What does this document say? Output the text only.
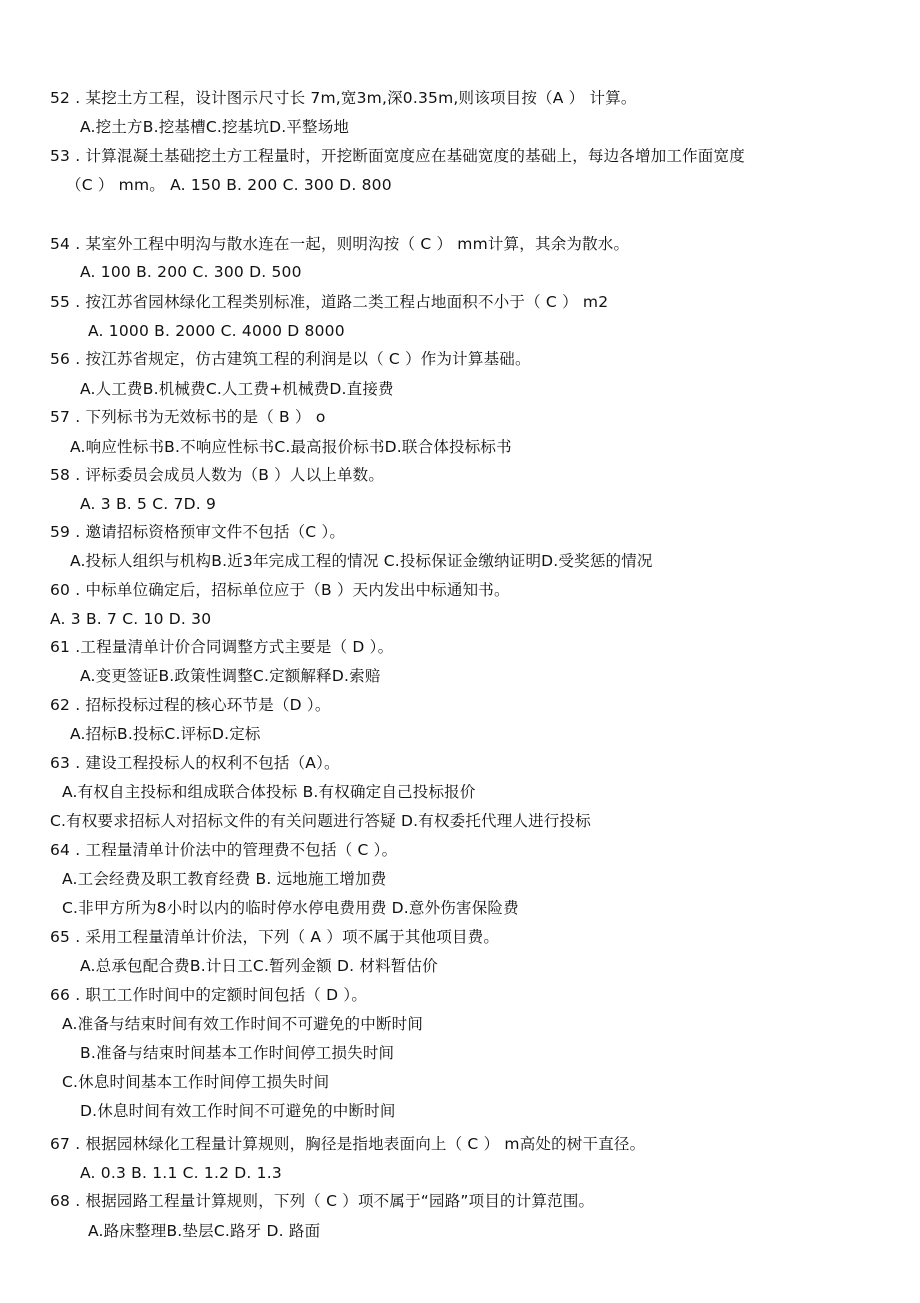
52 . 某挖土方工程，设计图示尺寸长 7m,宽3m,深0.35m,则该项目按（A ） 计算。
A.挖土方B.挖基槽C.挖基坑D.平整场地
53 . 计算混凝土基础挖土方工程量时，开挖断面宽度应在基础宽度的基础上，每边各增加工作面宽度
（C ） mm。 A. 150 B. 200 C. 300 D. 800
54 . 某室外工程中明沟与散水连在一起，则明沟按（ C ） mm计算，其余为散水。
A. 100 B. 200 C. 300 D. 500
55 . 按江苏省园林绿化工程类别标准，道路二类工程占地面积不小于（ C ） m2
A. 1000 B. 2000 C. 4000 D 8000
56 . 按江苏省规定，仿古建筑工程的利润是以（ C ）作为计算基础。
A.人工费B.机械费C.人工费+机械费D.直接费
57 . 下列标书为无效标书的是（ B ） o
A.响应性标书B.不响应性标书C.最高报价标书D.联合体投标标书
58 . 评标委员会成员人数为（B ）人以上单数。
A. 3 B. 5 C. 7D. 9
59 . 邀请招标资格预审文件不包括（C ）。
A.投标人组织与机构B.近3年完成工程的情况 C.投标保证金缴纳证明D.受奖惩的情况
60 . 中标单位确定后，招标单位应于（B ）天内发出中标通知书。
A. 3 B. 7 C. 10 D. 30
61 .工程量清单计价合同调整方式主要是（ D ）。
A.变更签证B.政策性调整C.定额解释D.索赔
62 . 招标投标过程的核心环节是（D ）。
A.招标B.投标C.评标D.定标
63 . 建设工程投标人的权利不包括（A）。
A.有权自主投标和组成联合体投标 B.有权确定自己投标报价
C.有权要求招标人对招标文件的有关问题进行答疑 D.有权委托代理人进行投标
64 . 工程量清单计价法中的管理费不包括（ C ）。
A.工会经费及职工教育经费 B. 远地施工增加费
C.非甲方所为8小时以内的临时停水停电费用费 D.意外伤害保险费
65 . 采用工程量清单计价法，下列（ A ）项不属于其他项目费。
A.总承包配合费B.计日工C.暂列金额 D. 材料暂估价
66 . 职工工作时间中的定额时间包括（ D ）。
A.准备与结束时间有效工作时间不可避免的中断时间
B.准备与结束时间基本工作时间停工损失时间
C.休息时间基本工作时间停工损失时间
D.休息时间有效工作时间不可避免的中断时间
67 . 根据园林绿化工程量计算规则，胸径是指地表面向上（ C ） m高处的树干直径。
A. 0.3 B. 1.1 C. 1.2 D. 1.3
68 . 根据园路工程量计算规则，下列（ C ）项不属于“园路”项目的计算范围。
A.路床整理B.垫层C.路牙 D. 路面
